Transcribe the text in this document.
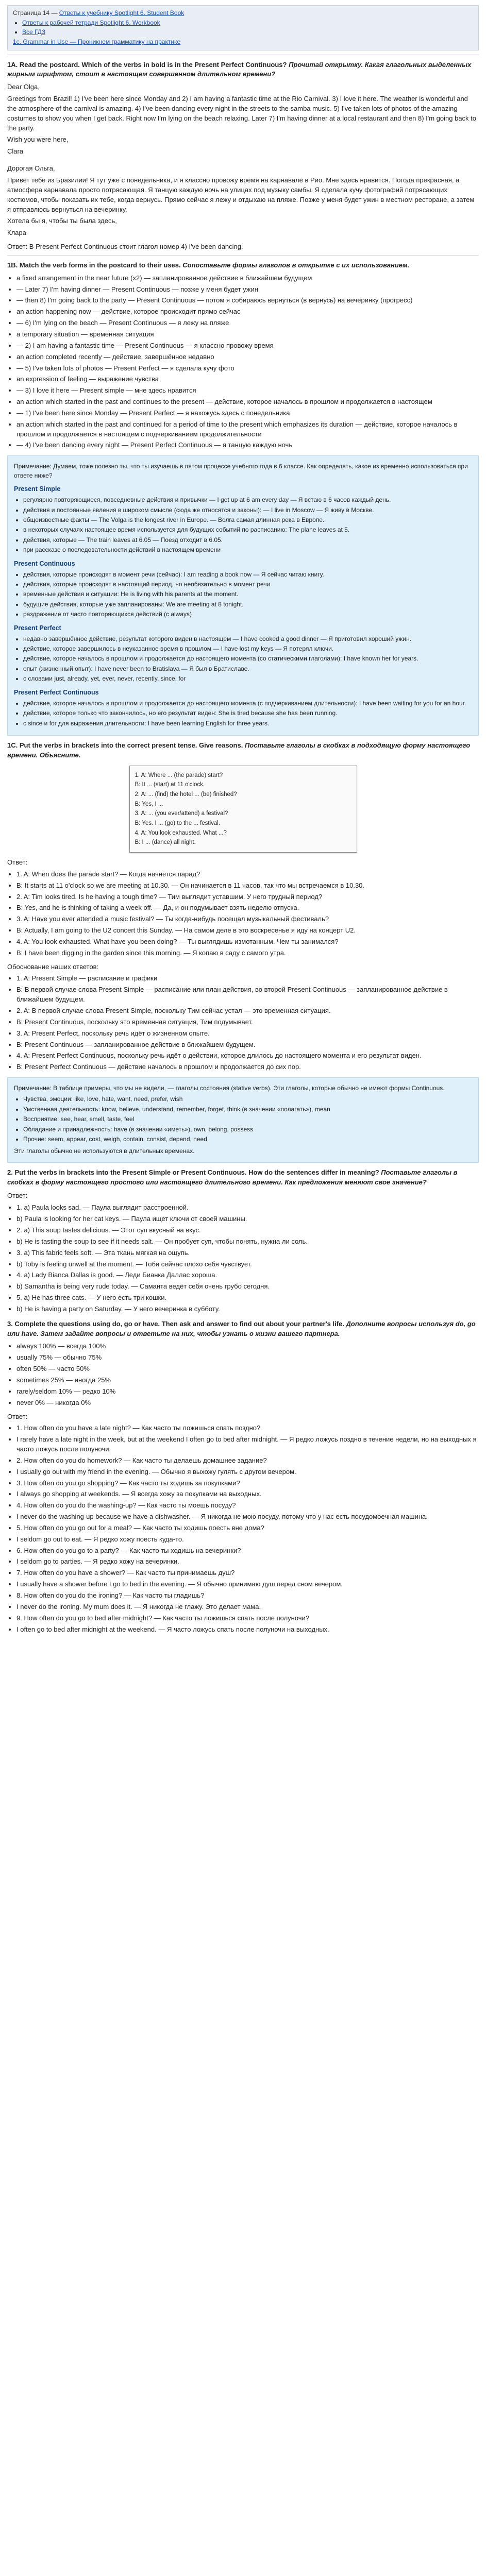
Страница 14 — Ответы к учебнику Spotlight 6. Student Book
• Ответы к рабочей тетради Spotlight 6. Workbook
• Все ГДЗ
1c. Grammar in Use — Проникнем грамматику на практике
1A. Read the postcard. Which of the verbs in bold is in the Present Perfect Continuous? Прочитай открытку. Какая глагольных выделенных жирным шрифтом, стоит в настоящем совершенном длительном времени?

Dear Olga,

Greetings from Brazil! 1) I've been here since Monday and 2) I am having a fantastic time at the Rio Carnival. 3) I love it here. The weather is wonderful and the atmosphere of the carnival is amazing. 4) I've been dancing every night in the streets to the samba music. 5) I've taken lots of photos of the amazing costumes to show you when I get back. Right now I'm lying on the beach relaxing. Later 7) I'm having dinner at a local restaurant and then 8) I'm going back to the party.

Wish you were here,

Clara

Дорогая Ольга,

Привет тебе из Бразилии! Я тут уже с понедельника, и я классно провожу время на карнавале в Рио. Мне здесь нравится. Погода прекрасная, а атмосфера карнавала просто потрясающая. Я танцую каждую ночь на улицах под музыку самбы. Я сделала кучу фотографий потрясающих костюмов, чтобы показать их тебе, когда вернусь. Прямо сейчас я лежу и отдыхаю на пляже. Позже у меня будет ужин в местном ресторане, а затем я отправлюсь вернуться на вечеринку.

Хотела бы я, чтобы ты была здесь,

Клара

Ответ: В Present Perfect Continuous стоит глагол номер 4) I've been dancing.

1B. Match the verb forms in the postcard to their uses. Сопоставьте формы глаголов в открытке с их использованием.
• a fixed arrangement in the near future (x2) — запланированное действие в ближайшем будущем
• — Later 7) I'm having dinner — Present Continuous — позже у меня будет ужин
• — then 8) I'm going back to the party — Present Continuous — потом я собираюсь вернуться (в вернусь) на вечеринку (прогресс)
• an action happening now — действие, которое происходит прямо сейчас
• — 6) I'm lying on the beach — Present Continuous — я лежу на пляже
• a temporary situation — временная ситуация
• — 2) I am having a fantastic time — Present Continuous — я классно провожу время
• an action completed recently — действие, завершённое недавно
• — 5) I've taken lots of photos — Present Perfect — я сделала кучу фото
• an expression of feeling — выражение чувства
• — 3) I love it here — Present simple — мне здесь нравится
• an action which started in the past and continues to the present — действие, которое началось в прошлом и продолжается в настоящем
• — 1) I've been here since Monday — Present Perfect — я нахожусь здесь с понедельника
• an action which started in the past and continued for a period of time to the present which emphasizes its duration — действие, которое началось в прошлом и продолжается в настоящем с подчеркиванием продолжительности
• — 4) I've been dancing every night — Present Perfect Continuous — я танцую каждую ночь

Примечание: Думаем, тоже полезно ты, что ты изучаешь в пятом процессе учебного года в 6 классе. Как определять, какое из временно использоваться при ответе ниже?

Present Simple
• регулярно повторяющиеся, повседневные действия и привычки — I get up at 6 am every day — Я встаю в 6 часов каждый день.
• действия и постоянные явления в широком смысле (сюда же относятся и законы): — I live in Moscow — Я живу в Москве.
• общеизвестные факты — The Volga is the longest river in Europe. — Волга самая длинная река в Европе.
• в некоторых случаях настоящее время используется для будущих событий по расписанию: The plane leaves at 5.
• действия, которые — The train leaves at 6.05 — Поезд отходит в 6.05.
• при рассказе о последовательности действий в настоящем времени
Present Continuous
• действия, которые происходят в момент речи (сейчас): I am reading a book now — Я сейчас читаю книгу.
• действия, которые происходят в настоящий период, но необязательно в момент речи
• временные действия и ситуации: He is living with his parents at the moment.
• будущие действия, которые уже запланированы: We are meeting at 8 tonight.
• раздражение от часто повторяющихся действий (с always)
Present Perfect
• недавно завершённое действие, результат которого виден в настоящем — I have cooked a good dinner — Я приготовил хороший ужин.
• действие, которое завершилось в неуказанное время в прошлом — I have lost my keys — Я потерял ключи.
• действие, которое началось в прошлом и продолжается до настоящего момента (со статическими глаголами): I have known her for years.
• опыт (жизненный опыт): I have never been to Bratislava — Я был в Братиславе.
• с словами just, already, yet, ever, never, recently, since, for
Present Perfect Continuous
• действие, которое началось в прошлом и продолжается до настоящего момента (с подчеркиванием длительности): I have been waiting for you for an hour.
• действие, которое только что закончилось, но его результат виден: She is tired because she has been running.
• с since и for для выражения длительности: I have been learning English for three years.
1C. Put the verbs in brackets into the correct present tense. Give reasons. Поставьте глаголы в скобках в подходящую форму настоящего времени. Объясните.

1. A: Where ... (the parade) start?

B: It ... (start) at 11 o'clock.

2. A: ... (find) the hotel ... (be) finished?

B: Yes, I ...

3. A: ... (you ever/attend) a festival?

B: Yes. I ... (go) to the ... festival.

4. A: You look exhausted. What ...?

B: I ... (dance) all night.

Ответ:

• 1. A: When does the parade start? — Когда начнется парад?
• B: It starts at 11 o'clock so we are meeting at 10.30. — Он начинается в 11 часов, так что мы встречаемся в 10.30.
• 2. A: Tim looks tired. Is he having a tough time? — Тим выглядит уставшим. У него трудный период?
• B: Yes, and he is thinking of taking a week off. — Да, и он подумывает взять неделю отпуска.
• 3. A: Have you ever attended a music festival? — Ты когда-нибудь посещал музыкальный фестиваль?
• B: Actually, I am going to the U2 concert this Sunday. — На самом деле в это воскресенье я иду на концерт U2.
• 4. A: You look exhausted. What have you been doing? — Ты выглядишь измотанным. Чем ты занимался?
• B: I have been digging in the garden since this morning. — Я копаю в саду с самого утра.

Обоснование наших ответов:

• 1. A: Present Simple — расписание и графики
• B: В первой случае слова Present Simple — расписание или план действия, во второй Present Continuous — запланированное действие в ближайшем будущем.
• 2. A: В первой случае слова Present Simple, поскольку Тим сейчас устал — это временная ситуация.
• B: Present Continuous, поскольку это временная ситуация, Тим подумывает.
• 3. A: Present Perfect, поскольку речь идёт о жизненном опыте.
• B: Present Continuous — запланированное действие в ближайшем будущем.
• 4. A: Present Perfect Continuous, поскольку речь идёт о действии, которое длилось до настоящего момента и его результат виден.
• B: Present Perfect Continuous — действие началось в прошлом и продолжается до сих пор.

Примечание: В таблице примеры, что мы не видели, — глаголы состояния (stative verbs). Эти глаголы, которые обычно не имеют формы Continuous.

• Чувства, эмоции: like, love, hate, want, need, prefer, wish
• Умственная деятельность: know, believe, understand, remember, forget, think (в значении «полагать»), mean
• Восприятие: see, hear, smell, taste, feel
• Обладание и принадлежность: have (в значении «иметь»), own, belong, possess
• Прочие: seem, appear, cost, weigh, contain, consist, depend, need

Эти глаголы обычно не используются в длительных временах.

2. Put the verbs in brackets into the Present Simple or Present Continuous. How do the sentences differ in meaning? Поставьте глаголы в скобках в форму настоящего простого или настоящего длительного времени. Как предложения меняют свое значение?

Ответ:

• 1. a) Paula looks sad. — Паула выглядит расстроенной.
• b) Paula is looking for her cat keys. — Паула ищет ключи от своей машины.
• 2. a) This soup tastes delicious. — Этот суп вкусный на вкус.
• b) He is tasting the soup to see if it needs salt. — Он пробует суп, чтобы понять, нужна ли соль.
• 3. a) This fabric feels soft. — Эта ткань мягкая на ощупь.
• b) Toby is feeling unwell at the moment. — Тоби сейчас плохо себя чувствует.
• 4. a) Lady Bianca Dallas is good. — Леди Бианка Даллас хороша.
• b) Samantha is being very rude today. — Саманта ведёт себя очень грубо сегодня.
• 5. a) He has three cats. — У него есть три кошки.
• b) He is having a party on Saturday. — У него вечеринка в субботу.
3. Complete the questions using do, go or have. Then ask and answer to find out about your partner's life. Дополните вопросы используя do, go или have. Затем задайте вопросы и ответьте на них, чтобы узнать о жизни вашего партнера.
• always 100% — всегда 100%
• usually 75% — обычно 75%
• often 50% — часто 50%
• sometimes 25% — иногда 25%
• rarely/seldom 10% — редко 10%
• never 0% — никогда 0%

Ответ:

• 1. How often do you have a late night? — Как часто ты ложишься спать поздно?
• I rarely have a late night in the week, but at the weekend I often go to bed after midnight. — Я редко ложусь поздно в течение недели, но на выходных я часто ложусь после полуночи.
• 2. How often do you do homework? — Как часто ты делаешь домашнее задание?
• I usually go out with my friend in the evening. — Обычно я выхожу гулять с другом вечером.
• 3. How often do you go shopping? — Как часто ты ходишь за покупками?
• I always go shopping at weekends. — Я всегда хожу за покупками на выходных.
• 4. How often do you do the washing-up? — Как часто ты моешь посуду?
• I never do the washing-up because we have a dishwasher. — Я никогда не мою посуду, потому что у нас есть посудомоечная машина.
• 5. How often do you go out for a meal? — Как часто ты ходишь поесть вне дома?
• I seldom go out to eat. — Я редко хожу поесть куда-то.
• 6. How often do you go to a party? — Как часто ты ходишь на вечеринки?
• I seldom go to parties. — Я редко хожу на вечеринки.
• 7. How often do you have a shower? — Как часто ты принимаешь душ?
• I usually have a shower before I go to bed in the evening. — Я обычно принимаю душ перед сном вечером.
• 8. How often do you do the ironing? — Как часто ты гладишь?
• I never do the ironing. My mum does it. — Я никогда не глажу. Это делает мама.
• 9. How often do you go to bed after midnight? — Как часто ты ложишься спать после полуночи?
• I often go to bed after midnight at the weekend. — Я часто ложусь спать после полуночи на выходных.
